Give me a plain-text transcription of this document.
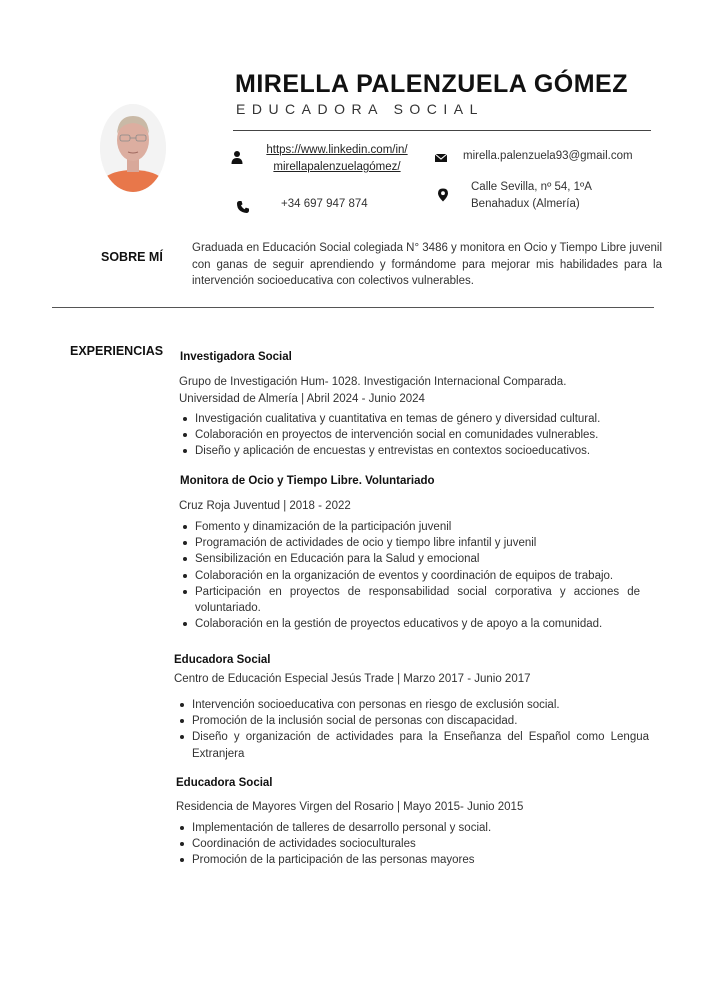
MIRELLA PALENZUELA GÓMEZ
EDUCADORA SOCIAL
https://www.linkedin.com/in/
mirellapalenzuelagómez/
mirella.palenzuela93@gmail.com
+34 697 947 874
Calle Sevilla, nº 54, 1ºA
Benahadux (Almería)
SOBRE MÍ
Graduada en Educación Social colegiada N° 3486 y monitora en Ocio y Tiempo Libre juvenil con ganas de seguir aprendiendo y formándome para mejorar mis habilidades para la intervención socioeducativa con colectivos vulnerables.
EXPERIENCIAS Investigadora Social
Grupo de Investigación Hum- 1028. Investigación Internacional Comparada.
Universidad de Almería | Abril 2024 - Junio 2024
Investigación cualitativa y cuantitativa en temas de género y diversidad cultural.
Colaboración en proyectos de intervención social en comunidades vulnerables.
Diseño y aplicación de encuestas y entrevistas en contextos socioeducativos.
Monitora de Ocio y Tiempo Libre. Voluntariado
Cruz Roja Juventud | 2018 - 2022
Fomento y dinamización de la participación juvenil
Programación de actividades de ocio y tiempo libre infantil y juvenil
Sensibilización en Educación para la Salud y emocional
Colaboración en la organización de eventos y coordinación de equipos de trabajo.
Participación en proyectos de responsabilidad social corporativa y acciones de voluntariado.
Colaboración en la gestión de proyectos educativos y de apoyo a la comunidad.
Educadora Social
Centro de Educación Especial Jesús Trade | Marzo 2017 - Junio 2017
Intervención socioeducativa con personas en riesgo de exclusión social.
Promoción de la inclusión social de personas con discapacidad.
Diseño y organización de actividades para la Enseñanza del Español como Lengua Extranjera
Educadora Social
Residencia de Mayores Virgen del Rosario | Mayo 2015- Junio 2015
Implementación de talleres de desarrollo personal y social.
Coordinación de actividades socioculturales
Promoción de la participación de las personas mayores
